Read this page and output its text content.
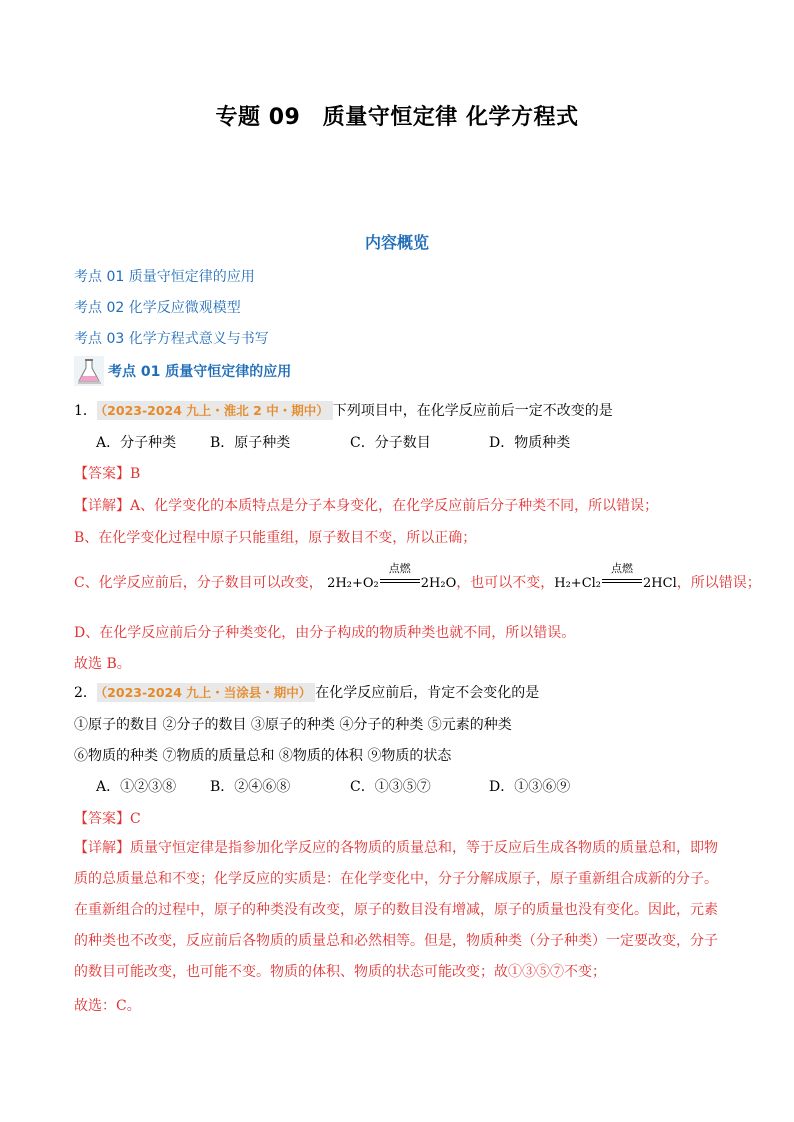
专题 09　质量守恒定律 化学方程式
内容概览
考点 01 质量守恒定律的应用
考点 02 化学反应微观模型
考点 03 化学方程式意义与书写
考点 01 质量守恒定律的应用
1． （2023-2024 九上・淮北 2 中・期中） 下列项目中，在化学反应前后一定不改变的是
A．分子种类 B．原子种类	C．分子数目	D．物质种类
【答案】B
【详解】A、化学变化的本质特点是分子本身变化，在化学反应前后分子种类不同，所以错误；
B、在化学变化过程中原子只能重组，原子数目不变，所以正确；
C、化学反应前后，分子数目可以改变， 2H₂+O₂
点燃
2H₂O，也可以不变，H₂+Cl₂
点燃
2HCl，所以错误；
D、在化学反应前后分子种类变化，由分子构成的物质种类也就不同，所以错误。
故选 B。
2． （2023-2024 九上・当涂县・期中） 在化学反应前后，肯定不会变化的是
①原子的数目 ②分子的数目 ③原子的种类 ④分子的种类 ⑤元素的种类
⑥物质的种类 ⑦物质的质量总和 ⑧物质的体积 ⑨物质的状态
A．①②③⑧ B．②④⑥⑧	C．①③⑤⑦	D．①③⑥⑨
【答案】C
【详解】质量守恒定律是指参加化学反应的各物质的质量总和，等于反应后生成各物质的质量总和，即物质的总质量总和不变；化学反应的实质是：在化学变化中，分子分解成原子，原子重新组合成新的分子。在重新组合的过程中，原子的种类没有改变，原子的数目没有增减，原子的质量也没有变化。因此，元素的种类也不改变，反应前后各物质的质量总和必然相等。但是，物质种类（分子种类）一定要改变，分子的数目可能改变，也可能不变。物质的体积、物质的状态可能改变；故①③⑤⑦不变；
故选：C。
